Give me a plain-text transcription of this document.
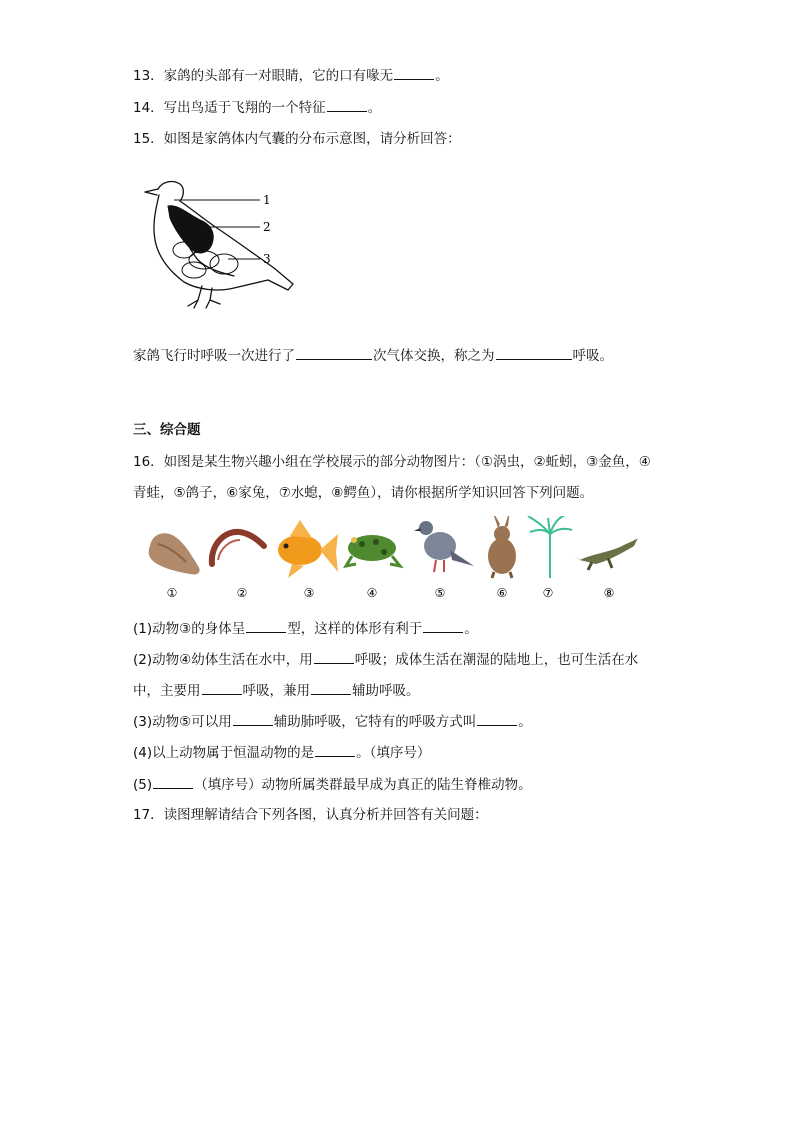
13．家鸽的头部有一对眼睛，它的口有喙无	。
14．写出鸟适于飞翔的一个特征	。
15．如图是家鸽体内气囊的分布示意图，请分析回答：
1
2
3
家鸽飞行时呼吸一次进行了	次气体交换，称之为	呼吸。
三、综合题
16．如图是某生物兴趣小组在学校展示的部分动物图片：（①涡虫，②蚯蚓，③金鱼，④
青蛙，⑤鸽子，⑥家兔，⑦水螅，⑧鳄鱼），请你根据所学知识回答下列问题。
①	②	③	④	⑤	⑥	⑦	⑧
(1)动物③的身体呈	型，这样的体形有利于	。
(2)动物④幼体生活在水中，用	呼吸；成体生活在潮湿的陆地上，也可生活在水
中，主要用	呼吸，兼用	辅助呼吸。
(3)动物⑤可以用	辅助肺呼吸，它特有的呼吸方式叫	。
(4)以上动物属于恒温动物的是	。（填序号）
(5)	（填序号）动物所属类群最早成为真正的陆生脊椎动物。
17．读图理解请结合下列各图，认真分析并回答有关问题：
